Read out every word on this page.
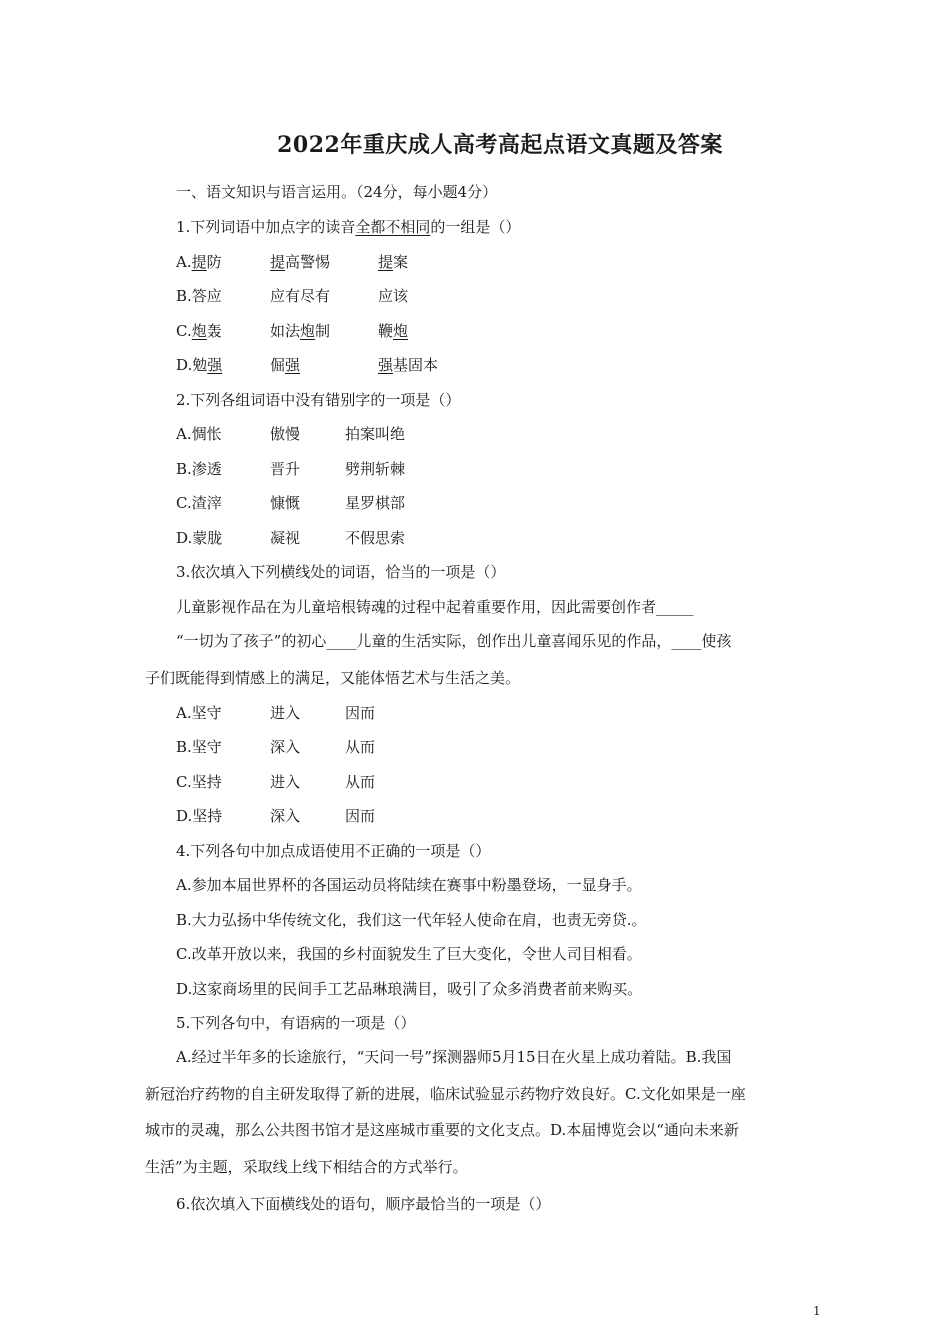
2022年重庆成人高考高起点语文真题及答案
一、语文知识与语言运用。（24分，每小题4分）
1.下列词语中加点字的读音全都不相同的一组是（）
A.提防	提高警惕	提案
B.答应	应有尽有	应该
C.炮轰	如法炮制	鞭炮
D.勉强	倔强	强基固本
2.下列各组词语中没有错别字的一项是（）
A.惆怅	傲慢	拍案叫绝
B.渗透	晋升	劈荆斩棘
C.渣滓	慷慨	星罗棋部
D.蒙胧	凝视	不假思索
3.依次填入下列横线处的词语，恰当的一项是（）
儿童影视作品在为儿童培根铸魂的过程中起着重要作用，因此需要创作者_____
“一切为了孩子”的初心____儿童的生活实际，创作出儿童喜闻乐见的作品，____使孩
子们既能得到情感上的满足，又能体悟艺术与生活之美。
A.坚守	进入	因而
B.坚守	深入	从而
C.坚持	进入	从而
D.坚持	深入	因而
4.下列各句中加点成语使用不正确的一项是（）
A.参加本届世界杯的各国运动员将陆续在赛事中粉墨登场，一显身手。
B.大力弘扬中华传统文化，我们这一代年轻人使命在肩，也责无旁贷.。
C.改革开放以来，我国的乡村面貌发生了巨大变化，令世人司目相看。
D.这家商场里的民间手工艺品琳琅满目，吸引了众多消费者前来购买。
5.下列各句中，有语病的一项是（）
A.经过半年多的长途旅行，“天问一号”探测器师5月15日在火星上成功着陆。B.我国
新冠治疗药物的自主研发取得了新的进展，临床试验显示药物疗效良好。C.文化如果是一座
城市的灵魂，那么公共图书馆才是这座城市重要的文化支点。D.本届博览会以“通向未来新
生活”为主题，采取线上线下相结合的方式举行。
6.依次填入下面横线处的语句，顺序最恰当的一项是（）
1
